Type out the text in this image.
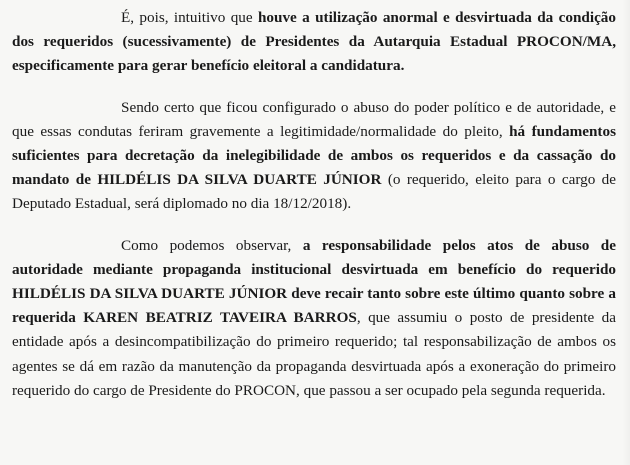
É, pois, intuitivo que houve a utilização anormal e desvirtuada da condição dos requeridos (sucessivamente) de Presidentes da Autarquia Estadual PROCON/MA, especificamente para gerar benefício eleitoral a candidatura.

Sendo certo que ficou configurado o abuso do poder político e de autoridade, e que essas condutas feriram gravemente a legitimidade/normalidade do pleito, há fundamentos suficientes para decretação da inelegibilidade de ambos os requeridos e da cassação do mandato de HILDÉLIS DA SILVA DUARTE JÚNIOR (o requerido, eleito para o cargo de Deputado Estadual, será diplomado no dia 18/12/2018).

Como podemos observar, a responsabilidade pelos atos de abuso de autoridade mediante propaganda institucional desvirtuada em benefício do requerido HILDÉLIS DA SILVA DUARTE JÚNIOR deve recair tanto sobre este último quanto sobre a requerida KAREN BEATRIZ TAVEIRA BARROS, que assumiu o posto de presidente da entidade após a desincompatibilização do primeiro requerido; tal responsabilização de ambos os agentes se dá em razão da manutenção da propaganda desvirtuada após a exoneração do primeiro requerido do cargo de Presidente do PROCON, que passou a ser ocupado pela segunda requerida.
